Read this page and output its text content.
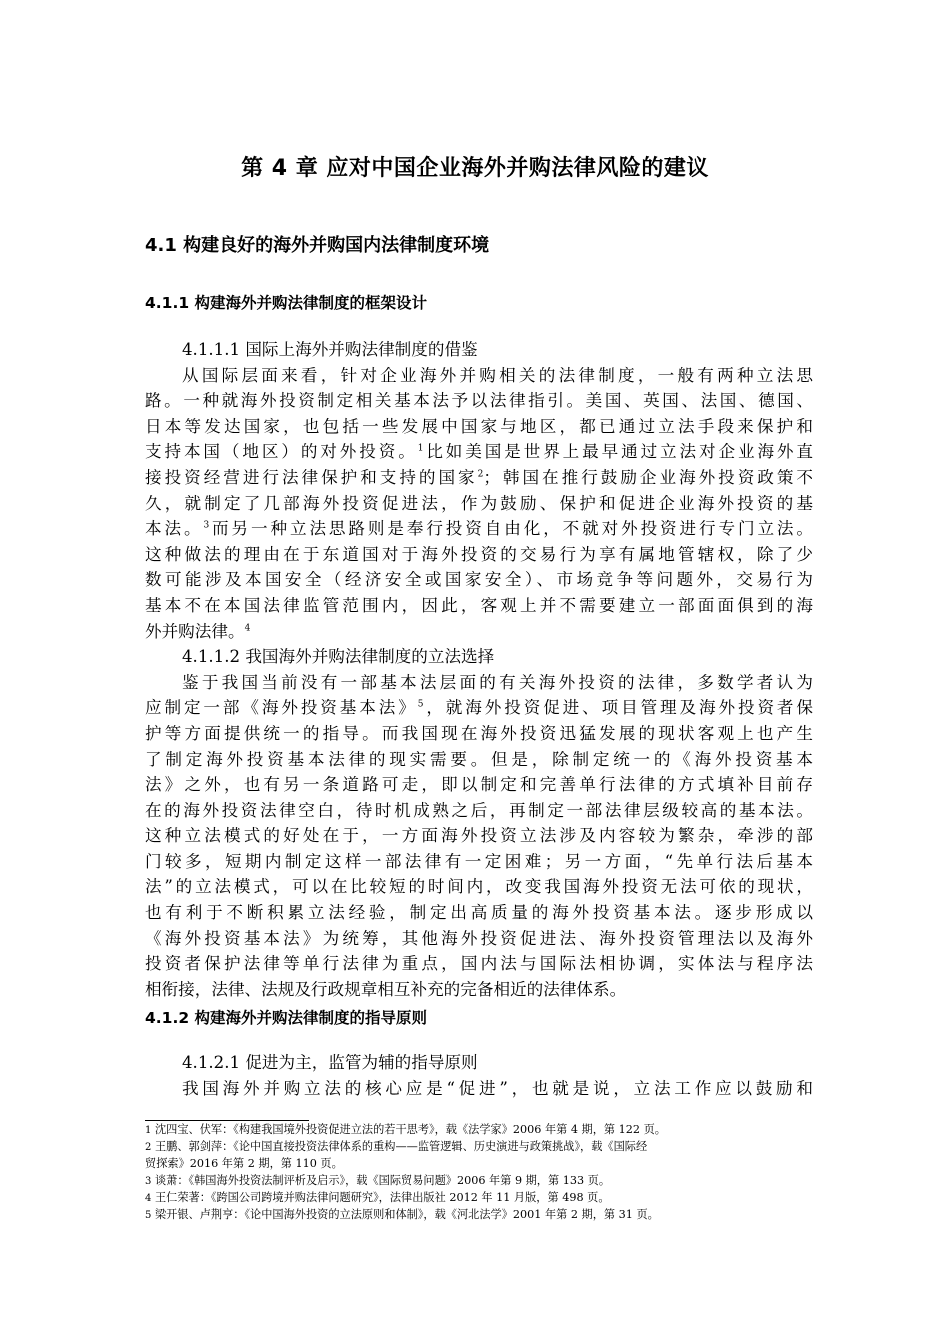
第 4 章 应对中国企业海外并购法律风险的建议
4.1 构建良好的海外并购国内法律制度环境
4.1.1 构建海外并购法律制度的框架设计
4.1.1.1 国际上海外并购法律制度的借鉴
从国际层面来看，针对企业海外并购相关的法律制度，一般有两种立法思
路。一种就海外投资制定相关基本法予以法律指引。美国、英国、法国、德国、
日本等发达国家，也包括一些发展中国家与地区，都已通过立法手段来保护和
支持本国（地区）的对外投资。$^1$比如美国是世界上最早通过立法对企业海外直
接投资经营进行法律保护和支持的国家$^2$；韩国在推行鼓励企业海外投资政策不
久，就制定了几部海外投资促进法，作为鼓励、保护和促进企业海外投资的基
本法。$^3$而另一种立法思路则是奉行投资自由化，不就对外投资进行专门立法。
这种做法的理由在于东道国对于海外投资的交易行为享有属地管辖权，除了少
数可能涉及本国安全（经济安全或国家安全）、市场竞争等问题外，交易行为
基本不在本国法律监管范围内，因此，客观上并不需要建立一部面面俱到的海
外并购法律。$^4$
4.1.1.2 我国海外并购法律制度的立法选择
鉴于我国当前没有一部基本法层面的有关海外投资的法律，多数学者认为
应制定一部《海外投资基本法》$^5$，就海外投资促进、项目管理及海外投资者保
护等方面提供统一的指导。而我国现在海外投资迅猛发展的现状客观上也产生
了制定海外投资基本法律的现实需要。但是，除制定统一的《海外投资基本
法》之外，也有另一条道路可走，即以制定和完善单行法律的方式填补目前存
在的海外投资法律空白，待时机成熟之后，再制定一部法律层级较高的基本法。
这种立法模式的好处在于，一方面海外投资立法涉及内容较为繁杂，牵涉的部
门较多，短期内制定这样一部法律有一定困难；另一方面，“先单行法后基本
法”的立法模式，可以在比较短的时间内，改变我国海外投资无法可依的现状，
也有利于不断积累立法经验，制定出高质量的海外投资基本法。逐步形成以
《海外投资基本法》为统筹，其他海外投资促进法、海外投资管理法以及海外
投资者保护法律等单行法律为重点，国内法与国际法相协调，实体法与程序法
相衔接，法律、法规及行政规章相互补充的完备相近的法律体系。
4.1.2 构建海外并购法律制度的指导原则
4.1.2.1 促进为主，监管为辅的指导原则
我国海外并购立法的核心应是“促进”，也就是说，立法工作应以鼓励和
1 沈四宝、伏军：《构建我国境外投资促进立法的若干思考》，载《法学家》2006 年第 4 期，第 122 页。
2 王鹏、郭剑萍：《论中国直接投资法律体系的重构——监管逻辑、历史演进与政策挑战》，载《国际经
贸探索》2016 年第 2 期，第 110 页。
3 谈萧：《韩国海外投资法制评析及启示》，载《国际贸易问题》2006 年第 9 期，第 133 页。
4 王仁荣著：《跨国公司跨境并购法律问题研究》，法律出版社 2012 年 11 月版，第 498 页。
5 梁开银、卢荆亨：《论中国海外投资的立法原则和体制》，载《河北法学》2001 年第 2 期，第 31 页。
